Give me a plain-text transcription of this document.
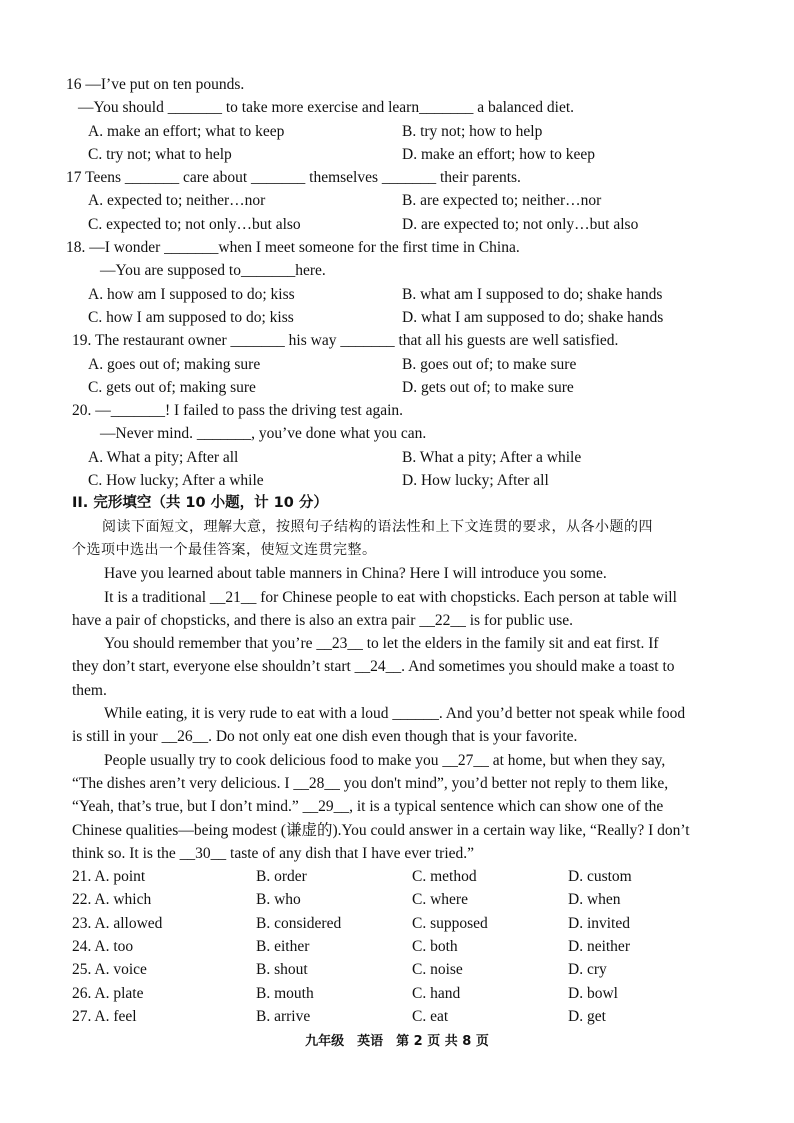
16 —I’ve put on ten pounds.
—You should _______ to take more exercise and learn_______ a balanced diet.
A. make an effort; what to keep	B. try not; how to help
C. try not; what to help	D. make an effort; how to keep
17 Teens _______ care about _______ themselves _______ their parents.
A. expected to; neither…nor	B. are expected to; neither…nor
C. expected to; not only…but also	D. are expected to; not only…but also
18. —I wonder _______when I meet someone for the first time in China.
—You are supposed to_______here.
A. how am I supposed to do; kiss	B. what am I supposed to do; shake hands
C. how I am supposed to do; kiss	D. what I am supposed to do; shake hands
19. The restaurant owner _______ his way _______ that all his guests are well satisfied.
A. goes out of; making sure	B. goes out of; to make sure
C. gets out of; making sure	D. gets out of; to make sure
20. —_______! I failed to pass the driving test again.
—Never mind. _______, you’ve done what you can.
A. What a pity; After all	B. What a pity; After a while
C. How lucky; After a while	D. How lucky; After all
II. 完形填空（共 10 小题，计 10 分）
阅读下面短文，理解大意，按照句子结构的语法性和上下文连贯的要求，从各小题的四
个选项中选出一个最佳答案，使短文连贯完整。
Have you learned about table manners in China? Here I will introduce you some.
It is a traditional __21__ for Chinese people to eat with chopsticks. Each person at table will
have a pair of chopsticks, and there is also an extra pair __22__ is for public use.
You should remember that you’re __23__ to let the elders in the family sit and eat first. If
they don’t start, everyone else shouldn’t start __24__. And sometimes you should make a toast to
them.
While eating, it is very rude to eat with a loud ______. And you’d better not speak while food
is still in your __26__. Do not only eat one dish even though that is your favorite.
People usually try to cook delicious food to make you __27__ at home, but when they say,
“The dishes aren’t very delicious. I __28__ you don't mind”, you’d better not reply to them like,
“Yeah, that’s true, but I don’t mind.” __29__, it is a typical sentence which can show one of the
Chinese qualities—being modest (谦虚的).You could answer in a certain way like, “Really? I don’t
think so. It is the __30__ taste of any dish that I have ever tried.”
21. A. point	B. order	C. method	D. custom
22. A. which	B. who	C. where	D. when
23. A. allowed	B. considered	C. supposed	D. invited
24. A. too	B. either	C. both	D. neither
25. A. voice	B. shout	C. noise	D. cry
26. A. plate	B. mouth	C. hand	D. bowl
27. A. feel	B. arrive	C. eat	D. get
九年级　英语　第 2 页 共 8 页
